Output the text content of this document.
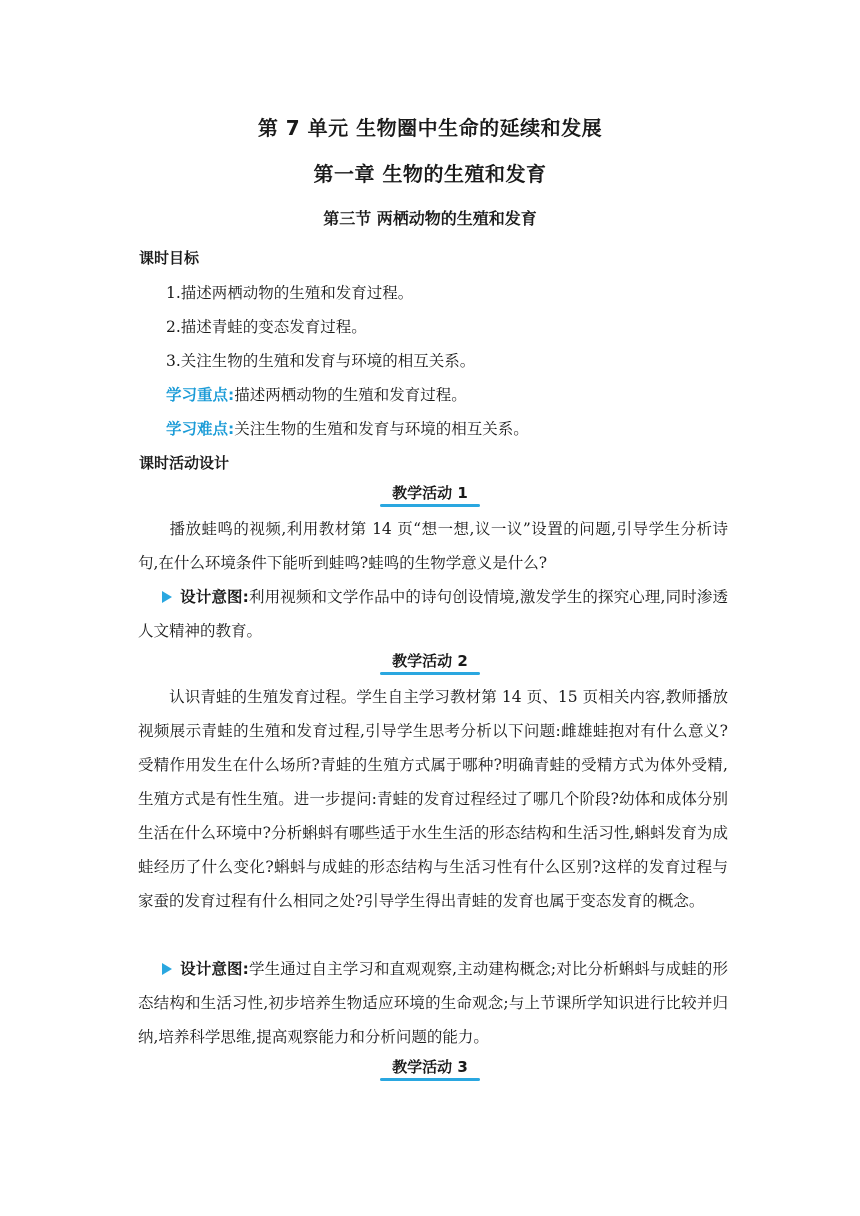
第 7 单元 生物圈中生命的延续和发展
第一章 生物的生殖和发育
第三节 两栖动物的生殖和发育
课时目标
1.描述两栖动物的生殖和发育过程。
2.描述青蛙的变态发育过程。
3.关注生物的生殖和发育与环境的相互关系。
学习重点:描述两栖动物的生殖和发育过程。
学习难点:关注生物的生殖和发育与环境的相互关系。
课时活动设计
教学活动 1
播放蛙鸣的视频,利用教材第 14 页“想一想,议一议”设置的问题,引导学生分析诗句,在什么环境条件下能听到蛙鸣?蛙鸣的生物学意义是什么?
设计意图:利用视频和文学作品中的诗句创设情境,激发学生的探究心理,同时渗透人文精神的教育。
教学活动 2
认识青蛙的生殖发育过程。学生自主学习教材第 14 页、15 页相关内容,教师播放视频展示青蛙的生殖和发育过程,引导学生思考分析以下问题:雌雄蛙抱对有什么意义?受精作用发生在什么场所?青蛙的生殖方式属于哪种?明确青蛙的受精方式为体外受精,生殖方式是有性生殖。进一步提问:青蛙的发育过程经过了哪几个阶段?幼体和成体分别生活在什么环境中?分析蝌蚪有哪些适于水生生活的形态结构和生活习性,蝌蚪发育为成蛙经历了什么变化?蝌蚪与成蛙的形态结构与生活习性有什么区别?这样的发育过程与家蚕的发育过程有什么相同之处?引导学生得出青蛙的发育也属于变态发育的概念。
设计意图:学生通过自主学习和直观观察,主动建构概念;对比分析蝌蚪与成蛙的形态结构和生活习性,初步培养生物适应环境的生命观念;与上节课所学知识进行比较并归纳,培养科学思维,提高观察能力和分析问题的能力。
教学活动 3
